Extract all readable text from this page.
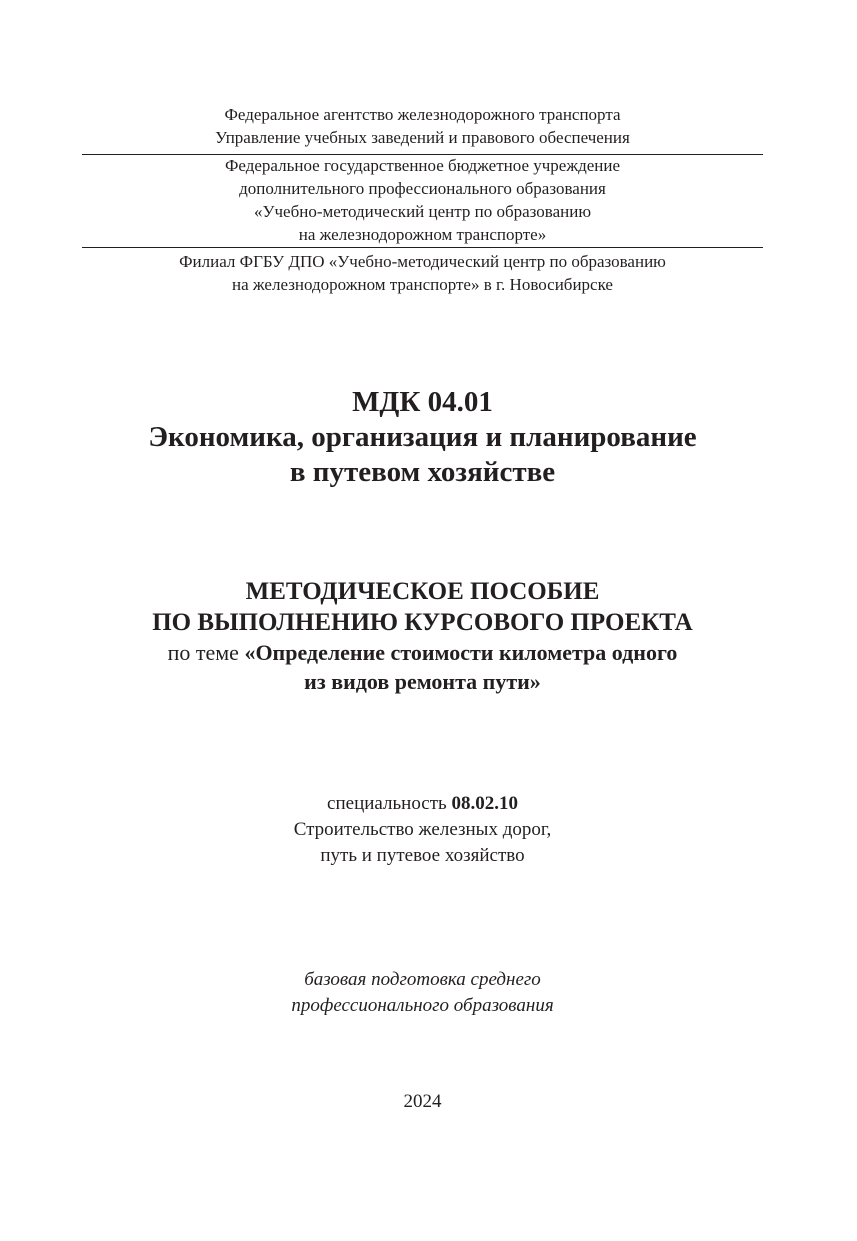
Федеральное агентство железнодорожного транспорта
Управление учебных заведений и правового обеспечения
Федеральное государственное бюджетное учреждение
дополнительного профессионального образования
«Учебно-методический центр по образованию
на железнодорожном транспорте»
Филиал ФГБУ ДПО «Учебно-методический центр по образованию
на железнодорожном транспорте» в г. Новосибирске
МДК 04.01
Экономика, организация и планирование
в путевом хозяйстве
МЕТОДИЧЕСКОЕ ПОСОБИЕ
ПО ВЫПОЛНЕНИЮ КУРСОВОГО ПРОЕКТА
по теме «Определение стоимости километра одного
из видов ремонта пути»
специальность 08.02.10
Строительство железных дорог,
путь и путевое хозяйство
базовая подготовка среднего
профессионального образования
2024
